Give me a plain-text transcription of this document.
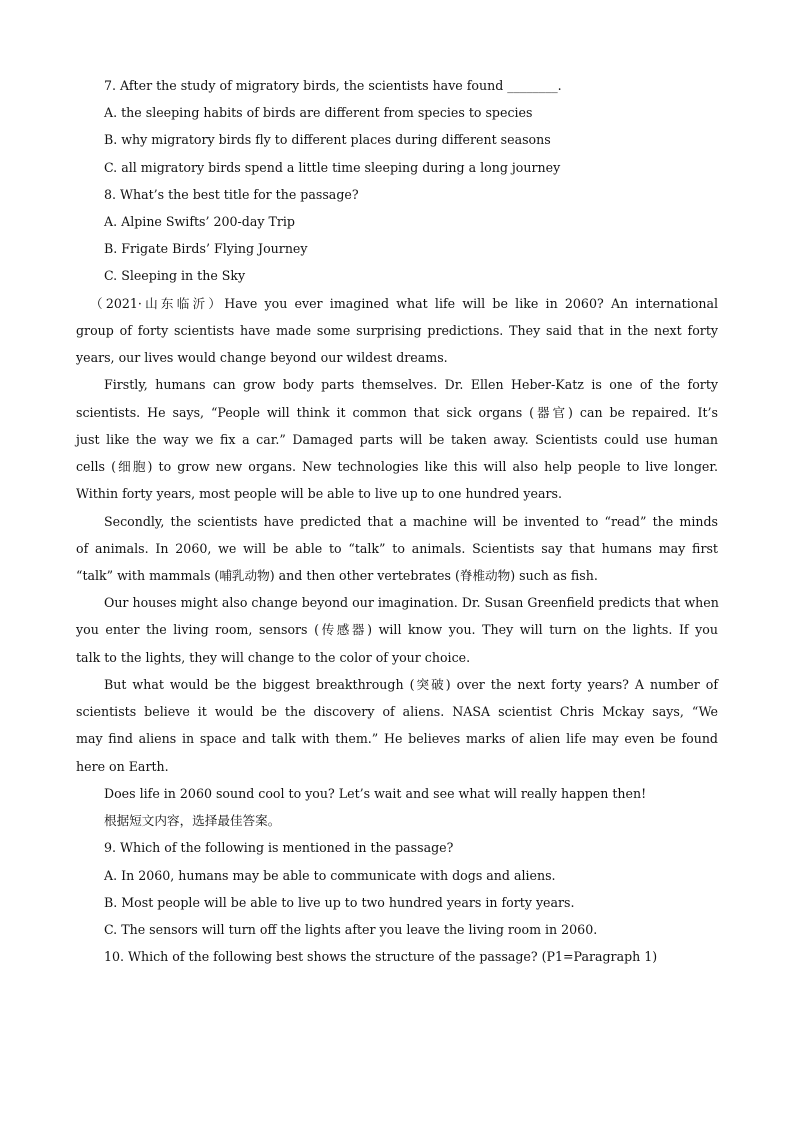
7. After the study of migratory birds, the scientists have found ________.
A. the sleeping habits of birds are different from species to species
B. why migratory birds fly to different places during different seasons
C. all migratory birds spend a little time sleeping during a long journey
8. What’s the best title for the passage?
A. Alpine Swifts’ 200-day Trip
B. Frigate Birds’ Flying Journey
C. Sleeping in the Sky
（2021·山东临沂）Have you ever imagined what life will be like in 2060? An international
group of forty scientists have made some surprising predictions. They said that in the next forty
years, our lives would change beyond our wildest dreams.
Firstly, humans can grow body parts themselves. Dr. Ellen Heber-Katz is one of the forty
scientists. He says, “People will think it common that sick organs (器官) can be repaired. It’s
just like the way we fix a car.” Damaged parts will be taken away. Scientists could use human
cells (细胞) to grow new organs. New technologies like this will also help people to live longer.
Within forty years, most people will be able to live up to one hundred years.
Secondly, the scientists have predicted that a machine will be invented to “read” the minds
of animals. In 2060, we will be able to “talk” to animals. Scientists say that humans may first
“talk” with mammals (哺乳动物) and then other vertebrates (脊椎动物) such as fish.
Our houses might also change beyond our imagination. Dr. Susan Greenfield predicts that when
you enter the living room, sensors (传感器) will know you. They will turn on the lights. If you
talk to the lights, they will change to the color of your choice.
But what would be the biggest breakthrough (突破) over the next forty years? A number of
scientists believe it would be the discovery of aliens. NASA scientist Chris Mckay says, “We
may find aliens in space and talk with them.” He believes marks of alien life may even be found
here on Earth.
Does life in 2060 sound cool to you? Let’s wait and see what will really happen then!
根据短文内容，选择最佳答案。
9. Which of the following is mentioned in the passage?
A. In 2060, humans may be able to communicate with dogs and aliens.
B. Most people will be able to live up to two hundred years in forty years.
C. The sensors will turn off the lights after you leave the living room in 2060.
10. Which of the following best shows the structure of the passage? (P1=Paragraph 1)
